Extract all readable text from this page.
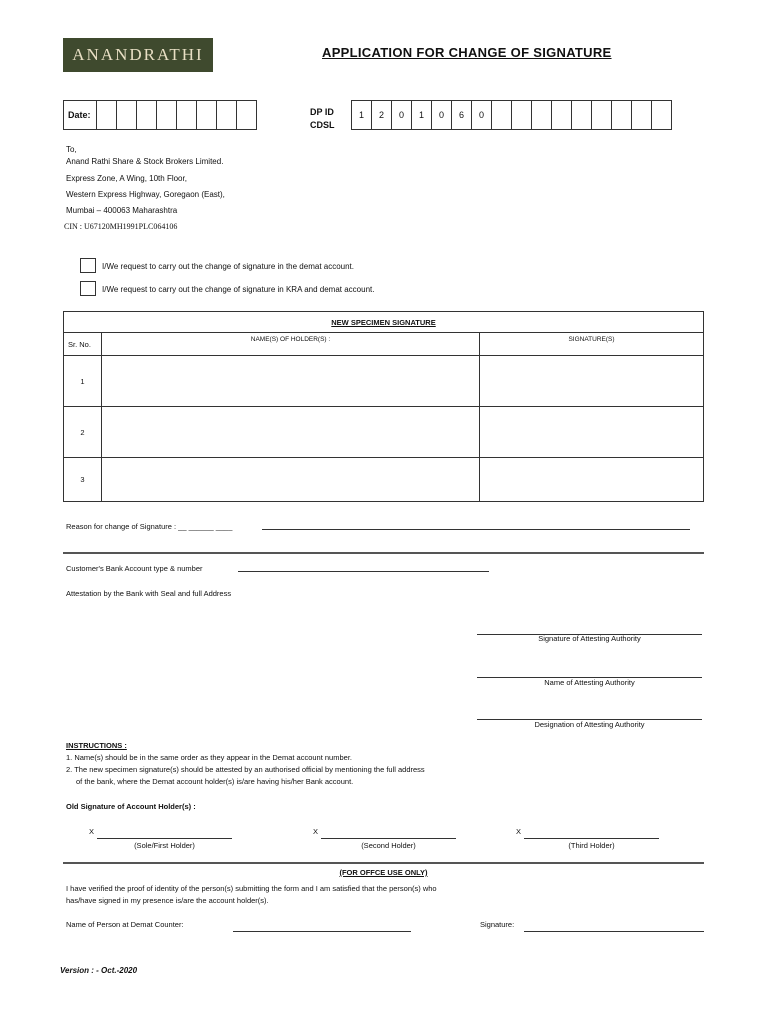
ANANDRATHI	APPLICATION FOR CHANGE OF SIGNATURE
Date:	DP ID
CDSL
1	2	0	1	0	6	0
To,
Anand Rathi Share & Stock Brokers Limited.
Express Zone, A Wing, 10th Floor,
Western Express Highway, Goregaon (East),
Mumbai – 400063 Maharashtra
CIN : U67120MH1991PLC064106
I/We request to carry out the change of signature in the demat account.
I/We request to carry out the change of signature in KRA and demat account.
NEW SPECIMEN SIGNATURE		
Sr. No.	NAME(S) OF HOLDER(S) :	SIGNATURE(S)
1		
2		
3		
Reason for change of Signature : __ ______ ____
Customer's Bank Account type & number
Attestation by the Bank with Seal and full Address
Signature of Attesting Authority
Name of Attesting Authority
Designation of Attesting Authority
INSTRUCTIONS :
1. Name(s) should be in the same order as they appear in the Demat account number.
2. The new specimen signature(s) should be attested by an authorised official by mentioning the full address
of the bank, where the Demat account holder(s) is/are having his/her Bank account.
Old Signature of Account Holder(s) :
X
(Sole/First Holder)
X
(Second Holder)
X
(Third Holder)
(FOR OFFCE USE ONLY)
I have verified the proof of identity of the person(s) submitting the form and I am satisfied that the person(s) who
has/have signed in my presence is/are the account holder(s).
Name of Person at Demat Counter:	Signature:
Version : - Oct.-2020
